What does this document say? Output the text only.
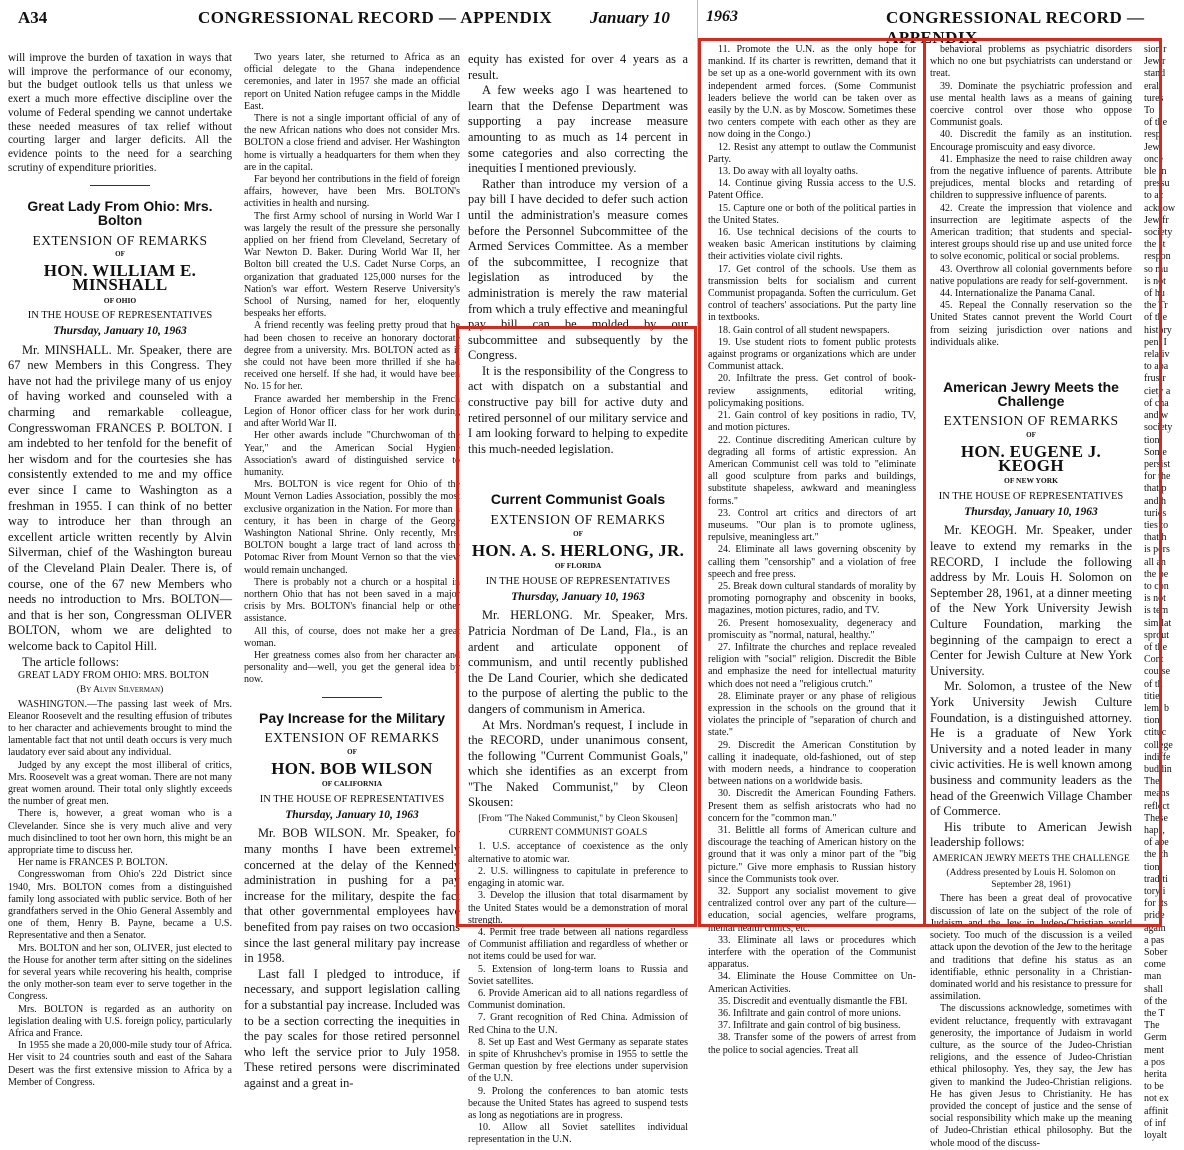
A34	CONGRESSIONAL RECORD — APPENDIX January 10

will improve the burden of taxation in ways that will improve the performance of our economy, but the budget outlook tells us that unless we exert a much more effective discipline over the volume of Federal spending we cannot undertake these needed measures of tax relief without courting larger and larger deficits. All the evidence points to the need for a searching scrutiny of expenditure priorities.

Great Lady From Ohio: Mrs. Bolton
EXTENSION OF REMARKS
OF
HON. WILLIAM E. MINSHALL
OF OHIO
IN THE HOUSE OF REPRESENTATIVES
Thursday, January 10, 1963

Mr. MINSHALL. Mr. Speaker, there are 67 new Members in this Congress. They have not had the privilege many of us enjoy of having worked and counseled with a charming and remarkable colleague, Congresswoman FRANCES P. BOLTON. I am indebted to her tenfold for the benefit of her wisdom and for the courtesies she has consistently extended to me and my office ever since I came to Washington as a freshman in 1955. I can think of no better way to introduce her than through an excellent article written recently by Alvin Silverman, chief of the Washington bureau of the Cleveland Plain Dealer. There is, of course, one of the 67 new Members who needs no introduction to Mrs. BOLTON—and that is her son, Congressman OLIVER BOLTON, whom we are delighted to welcome back to Capitol Hill.

The article follows:

GREAT LADY FROM OHIO: MRS. BOLTON

(By Alvin Silverman)

WASHINGTON.—The passing last week of Mrs. Eleanor Roosevelt and the resulting effusion of tributes to her character and achievements brought to mind the lamentable fact that not until death occurs is very much laudatory ever said about any individual.

Judged by any except the most illiberal of critics, Mrs. Roosevelt was a great woman. There are not many great women around. Their total only slightly exceeds the number of great men.

There is, however, a great woman who is a Clevelander. Since she is very much alive and very much disinclined to toot her own horn, this might be an appropriate time to discuss her.

Her name is FRANCES P. BOLTON.

Congresswoman from Ohio's 22d District since 1940, Mrs. BOLTON comes from a distinguished family long associated with public service. Both of her grandfathers served in the Ohio General Assembly and one of them, Henry B. Payne, became a U.S. Representative and then a Senator.

Mrs. BOLTON and her son, OLIVER, just elected to the House for another term after sitting on the sidelines for several years while recovering his health, comprise the only mother-son team ever to serve together in the Congress.

Mrs. BOLTON is regarded as an authority on legislation dealing with U.S. foreign policy, particularly Africa and France.

In 1955 she made a 20,000-mile study tour of Africa. Her visit to 24 countries south and east of the Sahara Desert was the first extensive mission to Africa by a Member of Congress.

Two years later, she returned to Africa as an official delegate to the Ghana independence ceremonies, and later in 1957 she made an official report on United Nation refugee camps in the Middle East.

There is not a single important official of any of the new African nations who does not consider Mrs. BOLTON a close friend and adviser. Her Washington home is virtually a headquarters for them when they are in the capital.

Far beyond her contributions in the field of foreign affairs, however, have been Mrs. BOLTON's activities in health and nursing.

The first Army school of nursing in World War I was largely the result of the pressure she personally applied on her friend from Cleveland, Secretary of War Newton D. Baker. During World War II, her Bolton bill created the U.S. Cadet Nurse Corps, an organization that graduated 125,000 nurses for the Nation's war effort. Western Reserve University's School of Nursing, named for her, eloquently bespeaks her efforts.

A friend recently was feeling pretty proud that he had been chosen to receive an honorary doctorate degree from a university. Mrs. BOLTON acted as if she could not have been more thrilled if she had received one herself. If she had, it would have been No. 15 for her.

France awarded her membership in the French Legion of Honor officer class for her work during and after World War II.

Her other awards include "Churchwoman of the Year," and the American Social Hygiene Association's award of distinguished service to humanity.

Mrs. BOLTON is vice regent for Ohio of the Mount Vernon Ladies Association, possibly the most exclusive organization in the Nation. For more than a century, it has been in charge of the George Washington National Shrine. Only recently, Mrs. BOLTON bought a large tract of land across the Potomac River from Mount Vernon so that the view would remain unchanged.

There is probably not a church or a hospital in northern Ohio that has not been saved in a major crisis by Mrs. BOLTON's financial help or other assistance.

All this, of course, does not make her a great woman.

Her greatness comes also from her character and personality and—well, you get the general idea by now.

Pay Increase for the Military
EXTENSION OF REMARKS
OF
HON. BOB WILSON
OF CALIFORNIA
IN THE HOUSE OF REPRESENTATIVES
Thursday, January 10, 1963

Mr. BOB WILSON. Mr. Speaker, for many months I have been extremely concerned at the delay of the Kennedy administration in pushing for a pay increase for the military, despite the fact that other governmental employees have benefited from pay raises on two occasions since the last general military pay increase in 1958.

Last fall I pledged to introduce, if necessary, and support legislation calling for a substantial pay increase. Included was to be a section correcting the inequities in the pay scales for those retired personnel who left the service prior to July 1958. These retired persons were discriminated against and a great in-

equity has existed for over 4 years as a result.

A few weeks ago I was heartened to learn that the Defense Department was supporting a pay increase measure amounting to as much as 14 percent in some categories and also correcting the inequities I mentioned previously.

Rather than introduce my version of a pay bill I have decided to defer such action until the administration's measure comes before the Personnel Subcommittee of the Armed Services Committee. As a member of the subcommittee, I recognize that legislation as introduced by the administration is merely the raw material from which a truly effective and meaningful pay bill can be molded by our subcommittee and subsequently by the Congress.

It is the responsibility of the Congress to act with dispatch on a substantial and constructive pay bill for active duty and retired personnel of our military service and I am looking forward to helping to expedite this much-needed legislation.

Current Communist Goals
EXTENSION OF REMARKS
OF
HON. A. S. HERLONG, JR.
OF FLORIDA
IN THE HOUSE OF REPRESENTATIVES
Thursday, January 10, 1963

Mr. HERLONG. Mr. Speaker, Mrs. Patricia Nordman of De Land, Fla., is an ardent and articulate opponent of communism, and until recently published the De Land Courier, which she dedicated to the purpose of alerting the public to the dangers of communism in America.

At Mrs. Nordman's request, I include in the RECORD, under unanimous consent, the following "Current Communist Goals," which she identifies as an excerpt from "The Naked Communist," by Cleon Skousen:

[From "The Naked Communist," by Cleon Skousen]
CURRENT COMMUNIST GOALS

1. U.S. acceptance of coexistence as the only alternative to atomic war.

2. U.S. willingness to capitulate in preference to engaging in atomic war.

3. Develop the illusion that total disarmament by the United States would be a demonstration of moral strength.

4. Permit free trade between all nations regardless of Communist affiliation and regardless of whether or not items could be used for war.

5. Extension of long-term loans to Russia and Soviet satellites.

6. Provide American aid to all nations regardless of Communist domination.

7. Grant recognition of Red China. Admission of Red China to the U.N.

8. Set up East and West Germany as separate states in spite of Khrushchev's promise in 1955 to settle the German question by free elections under supervision of the U.N.

9. Prolong the conferences to ban atomic tests because the United States has agreed to suspend tests as long as negotiations are in progress.

10. Allow all Soviet satellites individual representation in the U.N.

1963	CONGRESSIONAL RECORD — APPENDIX

11. Promote the U.N. as the only hope for mankind. If its charter is rewritten, demand that it be set up as a one-world government with its own independent armed forces. (Some Communist leaders believe the world can be taken over as easily by the U.N. as by Moscow. Sometimes these two centers compete with each other as they are now doing in the Congo.)

12. Resist any attempt to outlaw the Communist Party.

13. Do away with all loyalty oaths.

14. Continue giving Russia access to the U.S. Patent Office.

15. Capture one or both of the political parties in the United States.

16. Use technical decisions of the courts to weaken basic American institutions by claiming their activities violate civil rights.

17. Get control of the schools. Use them as transmission belts for socialism and current Communist propaganda. Soften the curriculum. Get control of teachers' associations. Put the party line in textbooks.

18. Gain control of all student newspapers.

19. Use student riots to foment public protests against programs or organizations which are under Communist attack.

20. Infiltrate the press. Get control of book-review assignments, editorial writing, policymaking positions.

21. Gain control of key positions in radio, TV, and motion pictures.

22. Continue discrediting American culture by degrading all forms of artistic expression. An American Communist cell was told to "eliminate all good sculpture from parks and buildings, substitute shapeless, awkward and meaningless forms."

23. Control art critics and directors of art museums. "Our plan is to promote ugliness, repulsive, meaningless art."

24. Eliminate all laws governing obscenity by calling them "censorship" and a violation of free speech and free press.

25. Break down cultural standards of morality by promoting pornography and obscenity in books, magazines, motion pictures, radio, and TV.

26. Present homosexuality, degeneracy and promiscuity as "normal, natural, healthy."

27. Infiltrate the churches and replace revealed religion with "social" religion. Discredit the Bible and emphasize the need for intellectual maturity which does not need a "religious crutch."

28. Eliminate prayer or any phase of religious expression in the schools on the ground that it violates the principle of "separation of church and state."

29. Discredit the American Constitution by calling it inadequate, old-fashioned, out of step with modern needs, a hindrance to cooperation between nations on a worldwide basis.

30. Discredit the American Founding Fathers. Present them as selfish aristocrats who had no concern for the "common man."

31. Belittle all forms of American culture and discourage the teaching of American history on the ground that it was only a minor part of the "big picture." Give more emphasis to Russian history since the Communists took over.

32. Support any socialist movement to give centralized control over any part of the culture—education, social agencies, welfare programs, mental health clinics, etc.

33. Eliminate all laws or procedures which interfere with the operation of the Communist apparatus.

34. Eliminate the House Committee on Un-American Activities.

35. Discredit and eventually dismantle the FBI.

36. Infiltrate and gain control of more unions.

37. Infiltrate and gain control of big business.

38. Transfer some of the powers of arrest from the police to social agencies. Treat all

behavioral problems as psychiatric disorders which no one but psychiatrists can understand or treat.

39. Dominate the psychiatric profession and use mental health laws as a means of gaining coercive control over those who oppose Communist goals.

40. Discredit the family as an institution. Encourage promiscuity and easy divorce.

41. Emphasize the need to raise children away from the negative influence of parents. Attribute prejudices, mental blocks and retarding of children to suppressive influence of parents.

42. Create the impression that violence and insurrection are legitimate aspects of the American tradition; that students and special-interest groups should rise up and use united force to solve economic, political or social problems.

43. Overthrow all colonial governments before native populations are ready for self-government.

44. Internationalize the Panama Canal.

45. Repeal the Connally reservation so the United States cannot prevent the World Court from seizing jurisdiction over nations and individuals alike.

American Jewry Meets the Challenge
EXTENSION OF REMARKS
OF
HON. EUGENE J. KEOGH
OF NEW YORK
IN THE HOUSE OF REPRESENTATIVES
Thursday, January 10, 1963

Mr. KEOGH. Mr. Speaker, under leave to extend my remarks in the RECORD, I include the following address by Mr. Louis H. Solomon on September 28, 1961, at a dinner meeting of the New York University Jewish Culture Foundation, marking the beginning of the campaign to erect a Center for Jewish Culture at New York University.

Mr. Solomon, a trustee of the New York University Jewish Culture Foundation, is a distinguished attorney. He is a graduate of New York University and a noted leader in many civic activities. He is well known among business and community leaders as the head of the Greenwich Village Chamber of Commerce.

His tribute to American Jewish leadership follows:

AMERICAN JEWRY MEETS THE CHALLENGE
(Address presented by Louis H. Solomon on September 28, 1961)

There has been a great deal of provocative discussion of late on the subject of the role of Judaism and the Jew in Judeo-Christian world society. Too much of the discussion is a veiled attack upon the devotion of the Jew to the heritage and traditions that define his status as an identifiable, ethnic personality in a Christian-dominated world and his resistance to pressure for assimilation.

The discussions acknowledge, sometimes with evident reluctance, frequently with extravagant generosity, the importance of Judaism in world culture, as the source of the Judeo-Christian religions, and the essence of Judeo-Christian ethical philosophy. Yes, they say, the Jew has given to mankind the Judeo-Christian religions. He has given Jesus to Christianity. He has provided the concept of justice and the sense of social responsibility which make up the meaning of Judeo-Christian ethical philosophy. But the whole mood of the discuss-

sion r
Jew r
stand
eral
tures
To
of the
resp
Jew
once
ble in
pressu
to ac
acknow
Jew fr
society
the st
respon
so mu
is not
of hu
the Tr
of the
history
pen, I
relativ
to aba
frustr
ciety a
of cha
and w
society
tion.
Some
persist
for the
that p
and h
turies
ties to
that h
is pers
all an
the pe
to con
is not
is tem
similat
sprout
of the
Cont
course
of th
titie
lem, b
tion.
ctituc
college
indiffe
buddin
The
means
reflect
These
haps,
of abe
the ch
tion
traditi
tory i
for its
pride
again
a pas
Sober
come
man
shall
of the
the T
The
Germ
ment
a pos
herita
to be
not ex
affinit
of inf
loyalt
